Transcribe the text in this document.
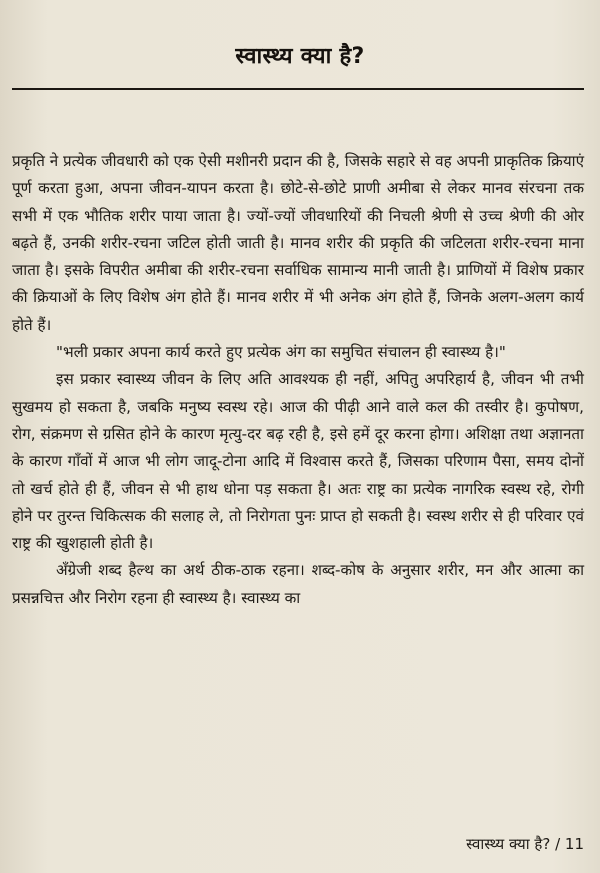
स्वास्थ्य क्या है?

प्रकृति ने प्रत्येक जीवधारी को एक ऐसी मशीनरी प्रदान की है, जिसके सहारे से वह अपनी प्राकृतिक क्रियाएं पूर्ण करता हुआ, अपना जीवन-यापन करता है। छोटे-से-छोटे प्राणी अमीबा से लेकर मानव संरचना तक सभी में एक भौतिक शरीर पाया जाता है। ज्यों-ज्यों जीवधारियों की निचली श्रेणी से उच्च श्रेणी की ओर बढ़ते हैं, उनकी शरीर-रचना जटिल होती जाती है। मानव शरीर की प्रकृति की जटिलता शरीर-रचना माना जाता है। इसके विपरीत अमीबा की शरीर-रचना सर्वाधिक सामान्य मानी जाती है। प्राणियों में विशेष प्रकार की क्रियाओं के लिए विशेष अंग होते हैं। मानव शरीर में भी अनेक अंग होते हैं, जिनके अलग-अलग कार्य होते हैं।

"भली प्रकार अपना कार्य करते हुए प्रत्येक अंग का समुचित संचालन ही स्वास्थ्य है।"

इस प्रकार स्वास्थ्य जीवन के लिए अति आवश्यक ही नहीं, अपितु अपरिहार्य है, जीवन भी तभी सुखमय हो सकता है, जबकि मनुष्य स्वस्थ रहे। आज की पीढ़ी आने वाले कल की तस्वीर है। कुपोषण, रोग, संक्रमण से ग्रसित होने के कारण मृत्यु-दर बढ़ रही है, इसे हमें दूर करना होगा। अशिक्षा तथा अज्ञानता के कारण गाँवों में आज भी लोग जादू-टोना आदि में विश्वास करते हैं, जिसका परिणाम पैसा, समय दोनों तो खर्च होते ही हैं, जीवन से भी हाथ धोना पड़ सकता है। अतः राष्ट्र का प्रत्येक नागरिक स्वस्थ रहे, रोगी होने पर तुरन्त चिकित्सक की सलाह ले, तो निरोगता पुनः प्राप्त हो सकती है। स्वस्थ शरीर से ही परिवार एवं राष्ट्र की खुशहाली होती है।

अँग्रेजी शब्द हैल्थ का अर्थ ठीक-ठाक रहना। शब्द-कोष के अनुसार शरीर, मन और आत्मा का प्रसन्नचित्त और निरोग रहना ही स्वास्थ्य है। स्वास्थ्य का

स्वास्थ्य क्या है? / 11
